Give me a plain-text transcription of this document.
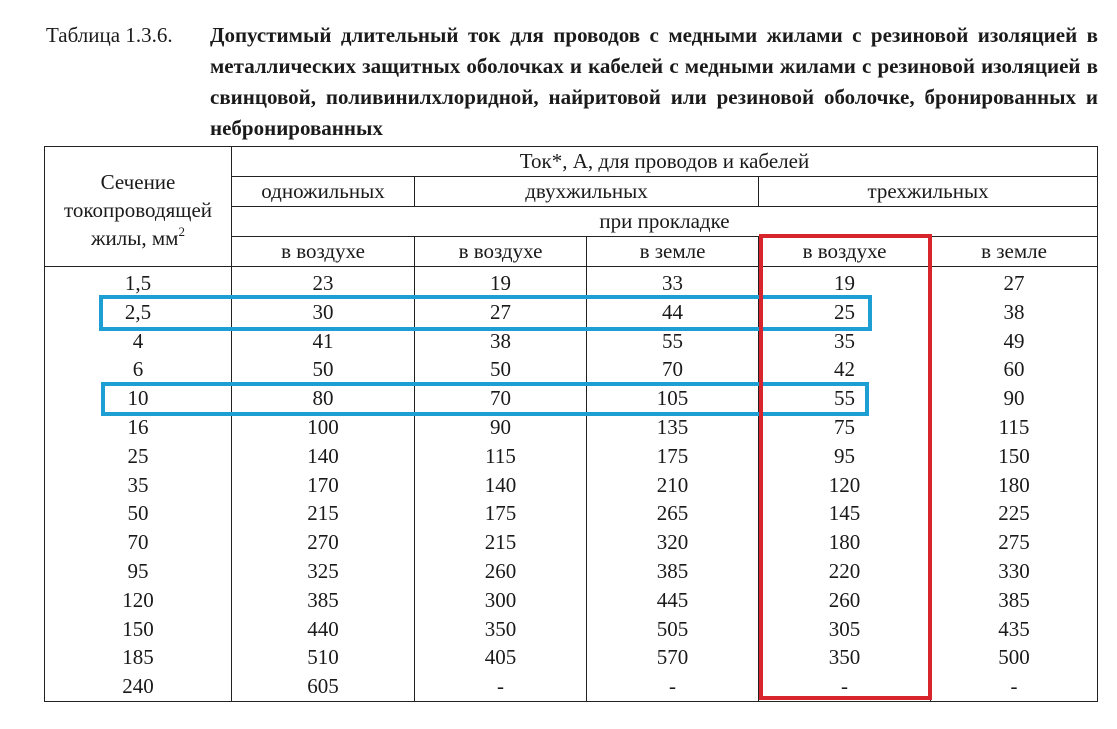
Таблица 1.3.6. Допустимый длительный ток для проводов с медными жилами с резиновой изоляцией в металлических защитных оболочках и кабелей с медными жилами с резиновой изоляцией в свинцовой, поливинилхлоридной, найритовой или резиновой оболочке, бронированных и небронированных
Сечение
токопроводящей
жилы, $мм^2$	Ток*, А, для проводов и кабелей				
	одножильных	двухжильных		трехжильных	
	при прокладке				
	в воздухе	в воздухе	в земле	в воздухе	в земле
1,5	23	19	33	19	27
2,5	30	27	44	25	38
4	41	38	55	35	49
6	50	50	70	42	60
10	80	70	105	55	90
16	100	90	135	75	115
25	140	115	175	95	150
35	170	140	210	120	180
50	215	175	265	145	225
70	270	215	320	180	275
95	325	260	385	220	330
120	385	300	445	260	385
150	440	350	505	305	435
185	510	405	570	350	500
240	605	-	-	-	-
